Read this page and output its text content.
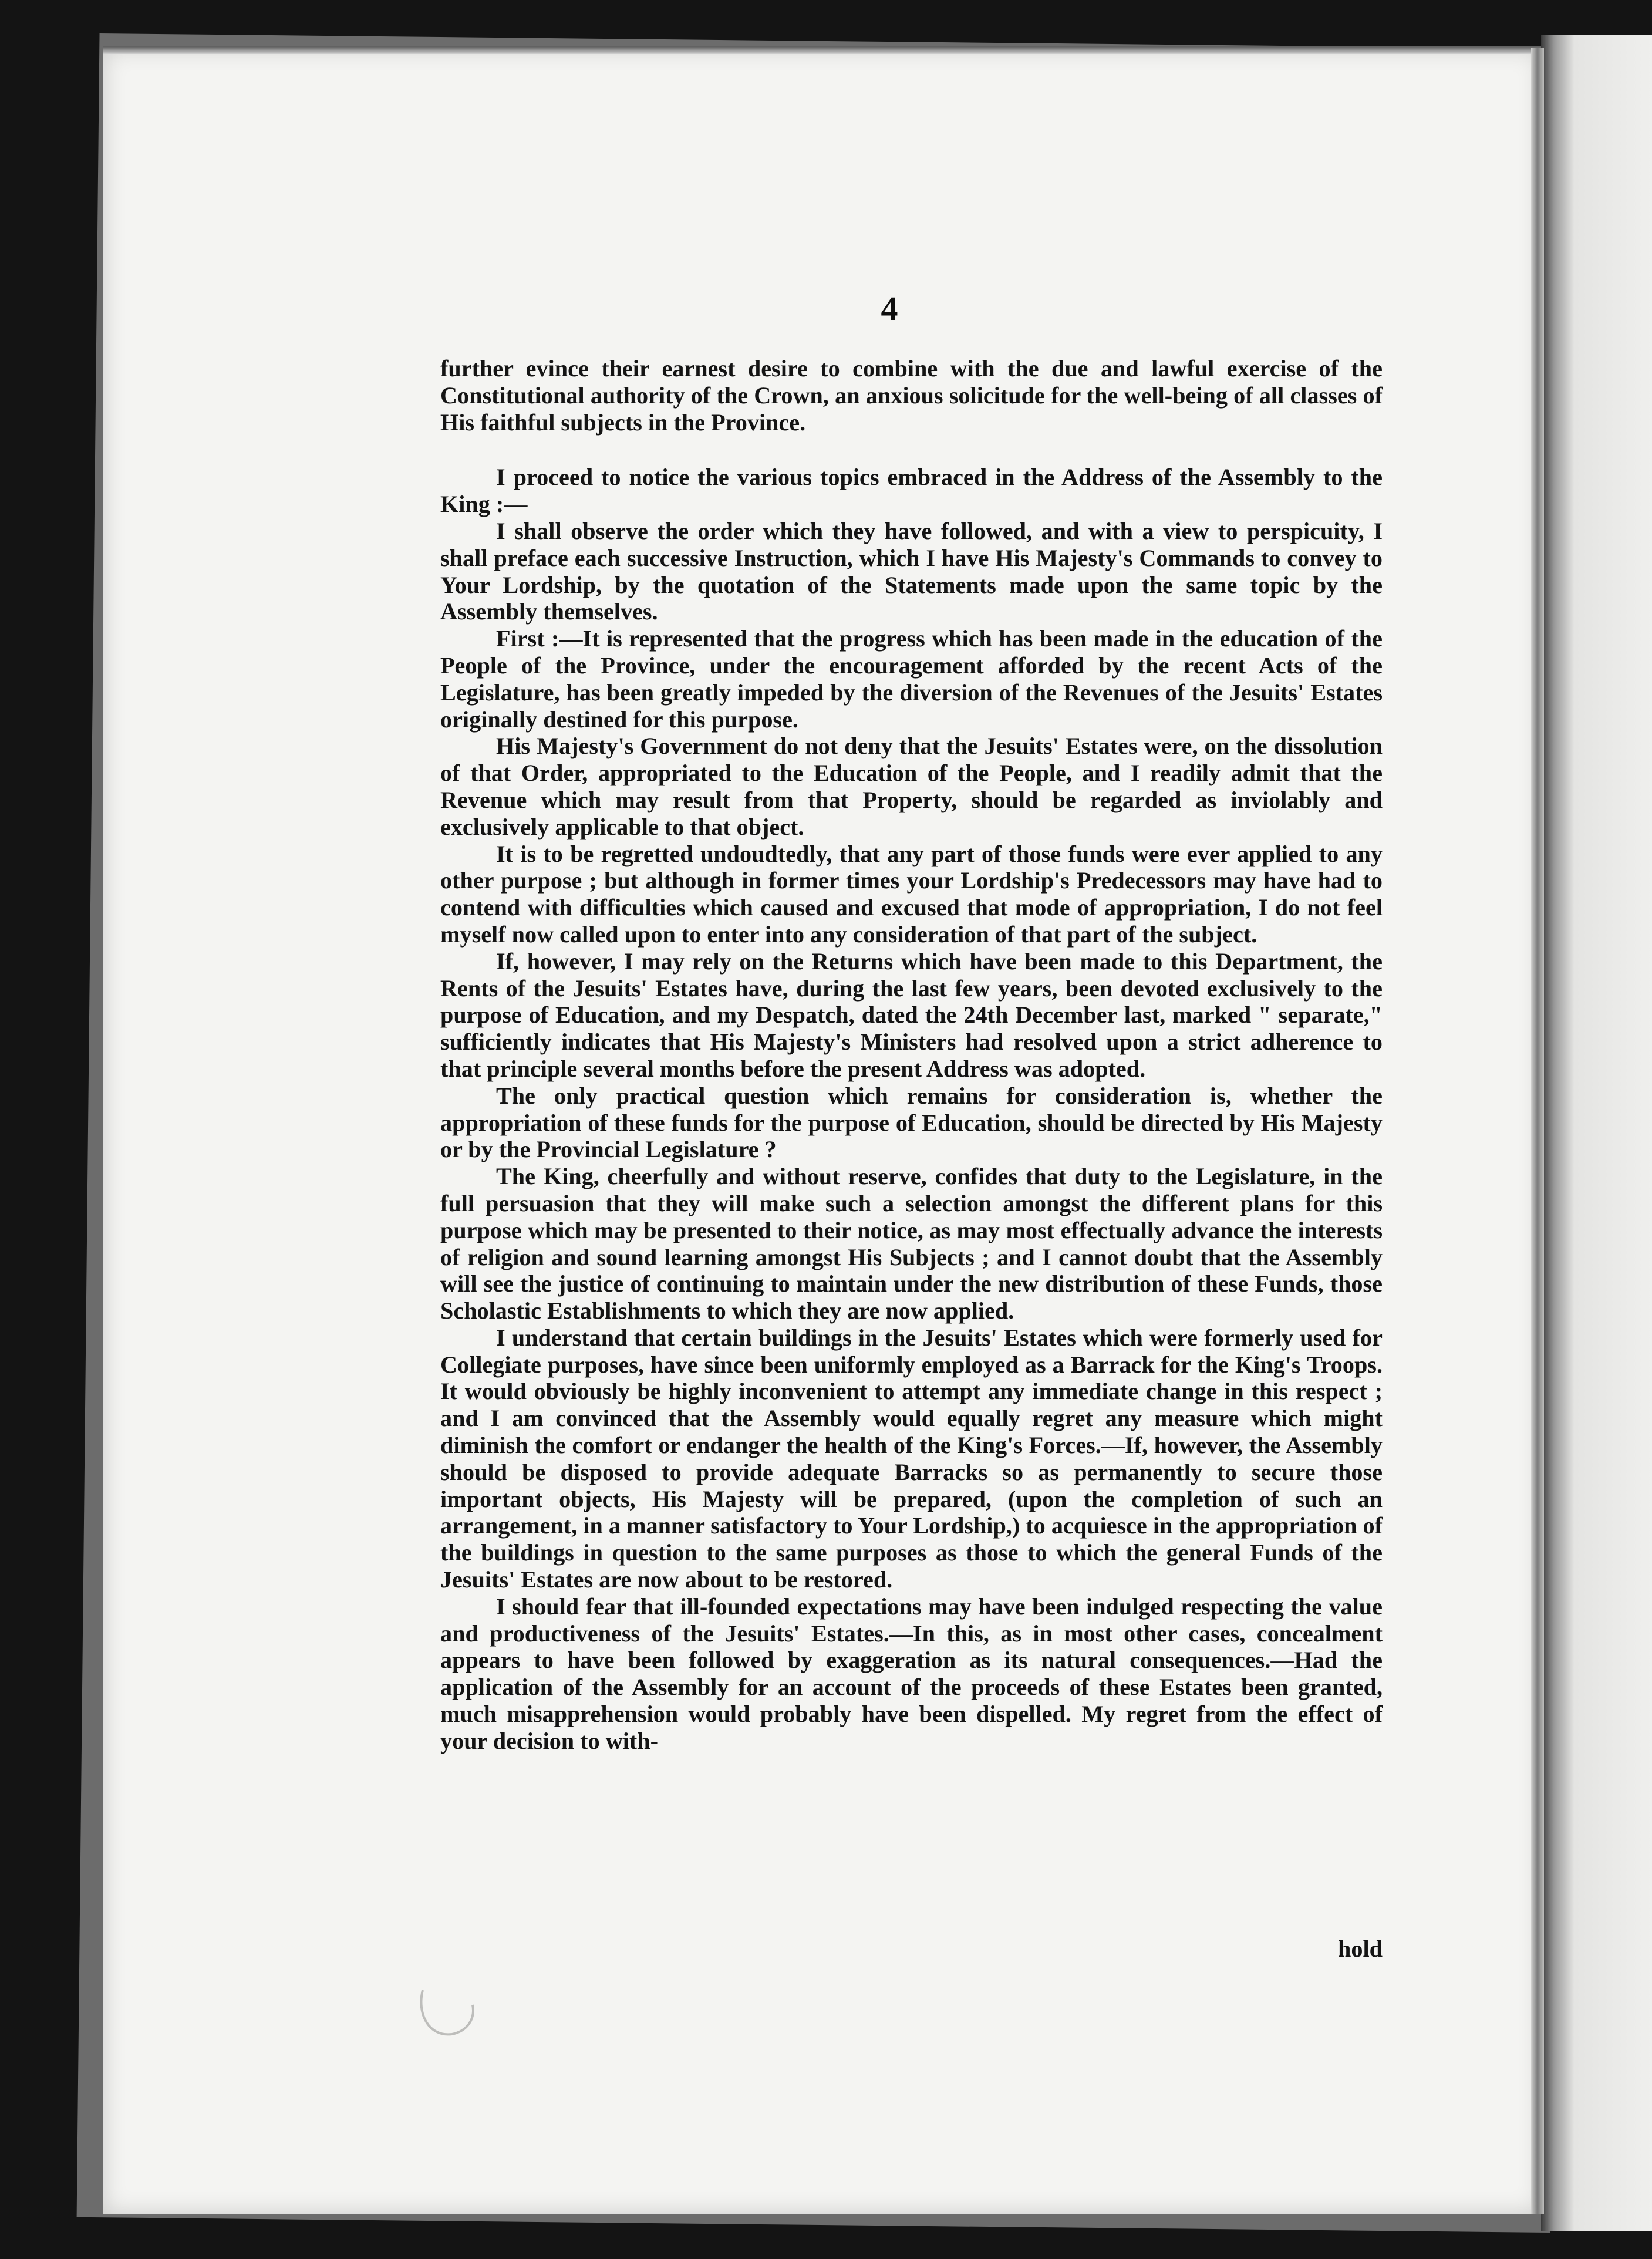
4

further evince their earnest desire to combine with the due and lawful exercise of the Constitutional authority of the Crown, an anxious solicitude for the well-being of all classes of His faithful subjects in the Province.

I proceed to notice the various topics embraced in the Address of the Assembly to the King :—

I shall observe the order which they have followed, and with a view to perspicuity, I shall preface each successive Instruction, which I have His Majesty's Commands to convey to Your Lordship, by the quotation of the Statements made upon the same topic by the Assembly themselves.

First :—It is represented that the progress which has been made in the education of the People of the Province, under the encouragement afforded by the recent Acts of the Legislature, has been greatly impeded by the diversion of the Revenues of the Jesuits' Estates originally destined for this purpose.

His Majesty's Government do not deny that the Jesuits' Estates were, on the dissolution of that Order, appropriated to the Education of the People, and I readily admit that the Revenue which may result from that Property, should be regarded as inviolably and exclusively applicable to that object.

It is to be regretted undoudtedly, that any part of those funds were ever applied to any other purpose ; but although in former times your Lordship's Predecessors may have had to contend with difficulties which caused and excused that mode of appropriation, I do not feel myself now called upon to enter into any consideration of that part of the subject.

If, however, I may rely on the Returns which have been made to this Department, the Rents of the Jesuits' Estates have, during the last few years, been devoted exclusively to the purpose of Education, and my Despatch, dated the 24th December last, marked " separate," sufficiently indicates that His Majesty's Ministers had resolved upon a strict adherence to that principle several months before the present Address was adopted.

The only practical question which remains for consideration is, whether the appropriation of these funds for the purpose of Education, should be directed by His Majesty or by the Provincial Legislature ?

The King, cheerfully and without reserve, confides that duty to the Legislature, in the full persuasion that they will make such a selection amongst the different plans for this purpose which may be presented to their notice, as may most effectually advance the interests of religion and sound learning amongst His Subjects ; and I cannot doubt that the Assembly will see the justice of continuing to maintain under the new distribution of these Funds, those Scholastic Establishments to which they are now applied.

I understand that certain buildings in the Jesuits' Estates which were formerly used for Collegiate purposes, have since been uniformly employed as a Barrack for the King's Troops. It would obviously be highly inconvenient to attempt any immediate change in this respect ; and I am convinced that the Assembly would equally regret any measure which might diminish the comfort or endanger the health of the King's Forces.—If, however, the Assembly should be disposed to provide adequate Barracks so as permanently to secure those important objects, His Majesty will be prepared, (upon the completion of such an arrangement, in a manner satisfactory to Your Lordship,) to acquiesce in the appropriation of the buildings in question to the same purposes as those to which the general Funds of the Jesuits' Estates are now about to be restored.

I should fear that ill-founded expectations may have been indulged respecting the value and productiveness of the Jesuits' Estates.—In this, as in most other cases, concealment appears to have been followed by exaggeration as its natural consequences.—Had the application of the Assembly for an account of the proceeds of these Estates been granted, much misapprehension would probably have been dispelled. My regret from the effect of your decision to with-

hold
